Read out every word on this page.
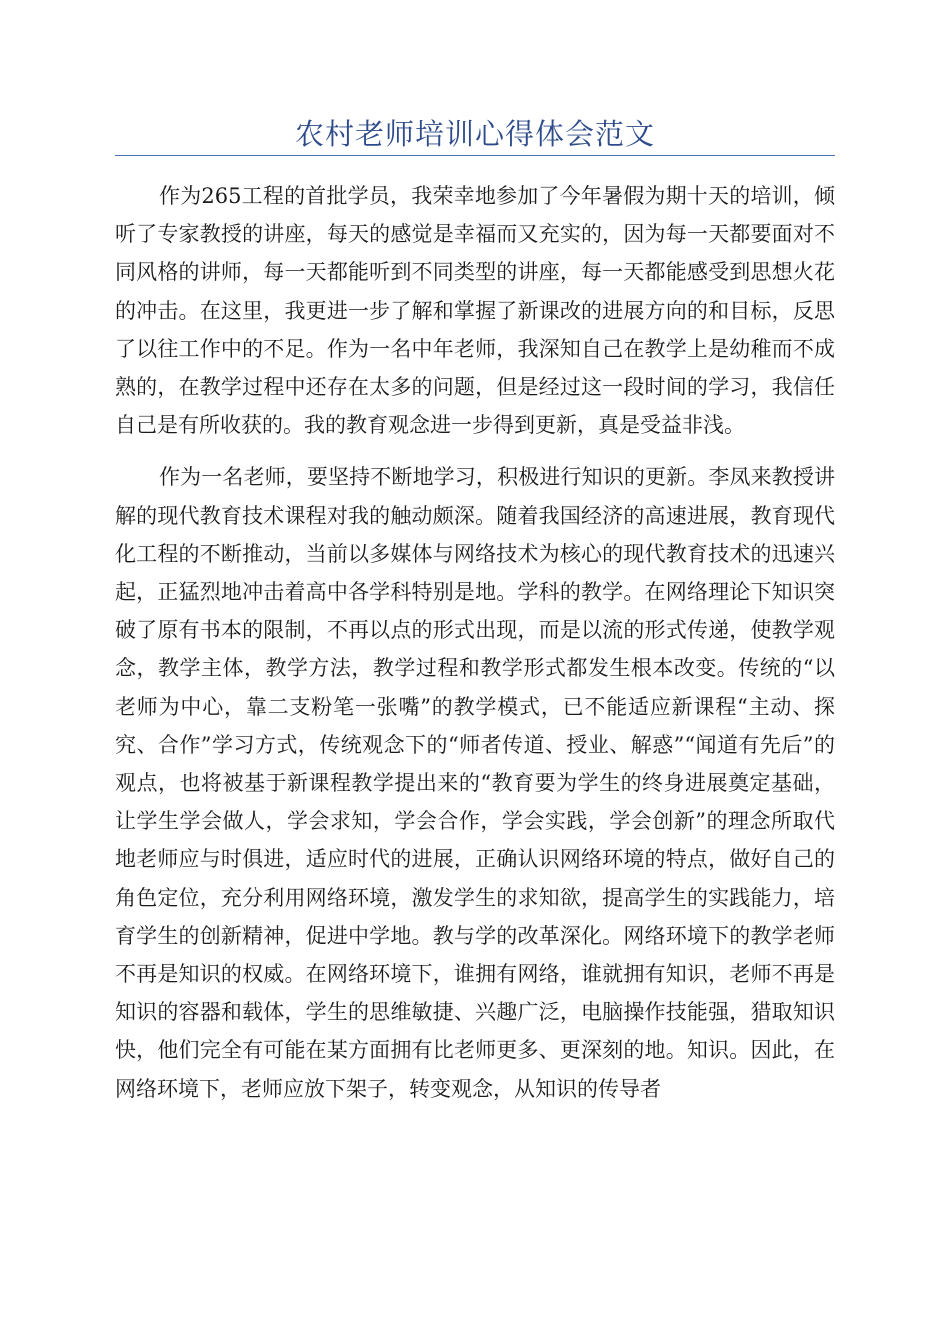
农村老师培训心得体会范文

作为265工程的首批学员，我荣幸地参加了今年暑假为期十天的培训，倾听了专家教授的讲座，每天的感觉是幸福而又充实的，因为每一天都要面对不同风格的讲师，每一天都能听到不同类型的讲座，每一天都能感受到思想火花的冲击。在这里，我更进一步了解和掌握了新课改的进展方向的和目标，反思了以往工作中的不足。作为一名中年老师，我深知自己在教学上是幼稚而不成熟的，在教学过程中还存在太多的问题，但是经过这一段时间的学习，我信任自己是有所收获的。我的教育观念进一步得到更新，真是受益非浅。

作为一名老师，要坚持不断地学习，积极进行知识的更新。李凤来教授讲解的现代教育技术课程对我的触动颇深。随着我国经济的高速进展，教育现代化工程的不断推动，当前以多媒体与网络技术为核心的现代教育技术的迅速兴起，正猛烈地冲击着高中各学科特别是地。学科的教学。在网络理论下知识突破了原有书本的限制，不再以点的形式出现，而是以流的形式传递，使教学观念，教学主体，教学方法，教学过程和教学形式都发生根本改变。传统的“以老师为中心，靠二支粉笔一张嘴”的教学模式，已不能适应新课程“主动、探究、合作”学习方式，传统观念下的“师者传道、授业、解惑”“闻道有先后”的观点，也将被基于新课程教学提出来的“教育要为学生的终身进展奠定基础，让学生学会做人，学会求知，学会合作，学会实践，学会创新”的理念所取代地老师应与时俱进，适应时代的进展，正确认识网络环境的特点，做好自己的角色定位，充分利用网络环境，激发学生的求知欲，提高学生的实践能力，培育学生的创新精神，促进中学地。教与学的改革深化。网络环境下的教学老师不再是知识的权威。在网络环境下，谁拥有网络，谁就拥有知识，老师不再是知识的容器和载体，学生的思维敏捷、兴趣广泛，电脑操作技能强，猎取知识快，他们完全有可能在某方面拥有比老师更多、更深刻的地。知识。因此，在网络环境下，老师应放下架子，转变观念，从知识的传导者
